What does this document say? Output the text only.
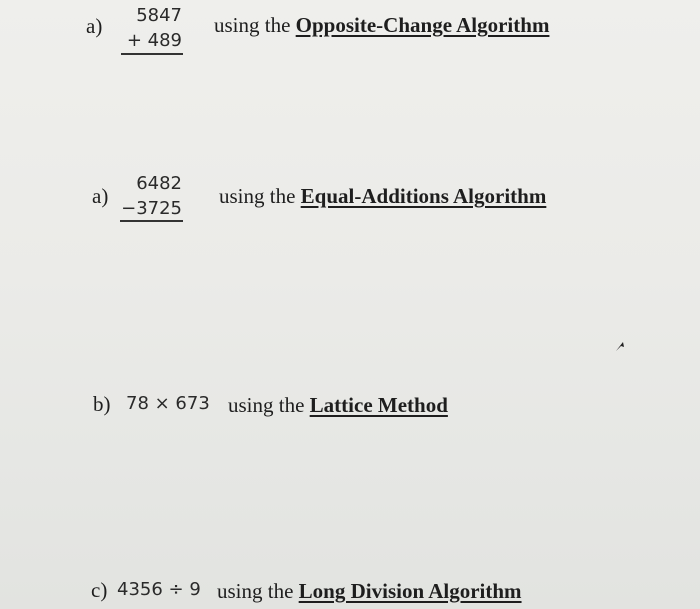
a)	5847
+ 489
using the Opposite-Change Algorithm
a)
6482
−3725
using the Equal-Additions Algorithm
b) 78 × 673 using the Lattice Method
c) 4356 ÷ 9 using the Long Division Algorithm
